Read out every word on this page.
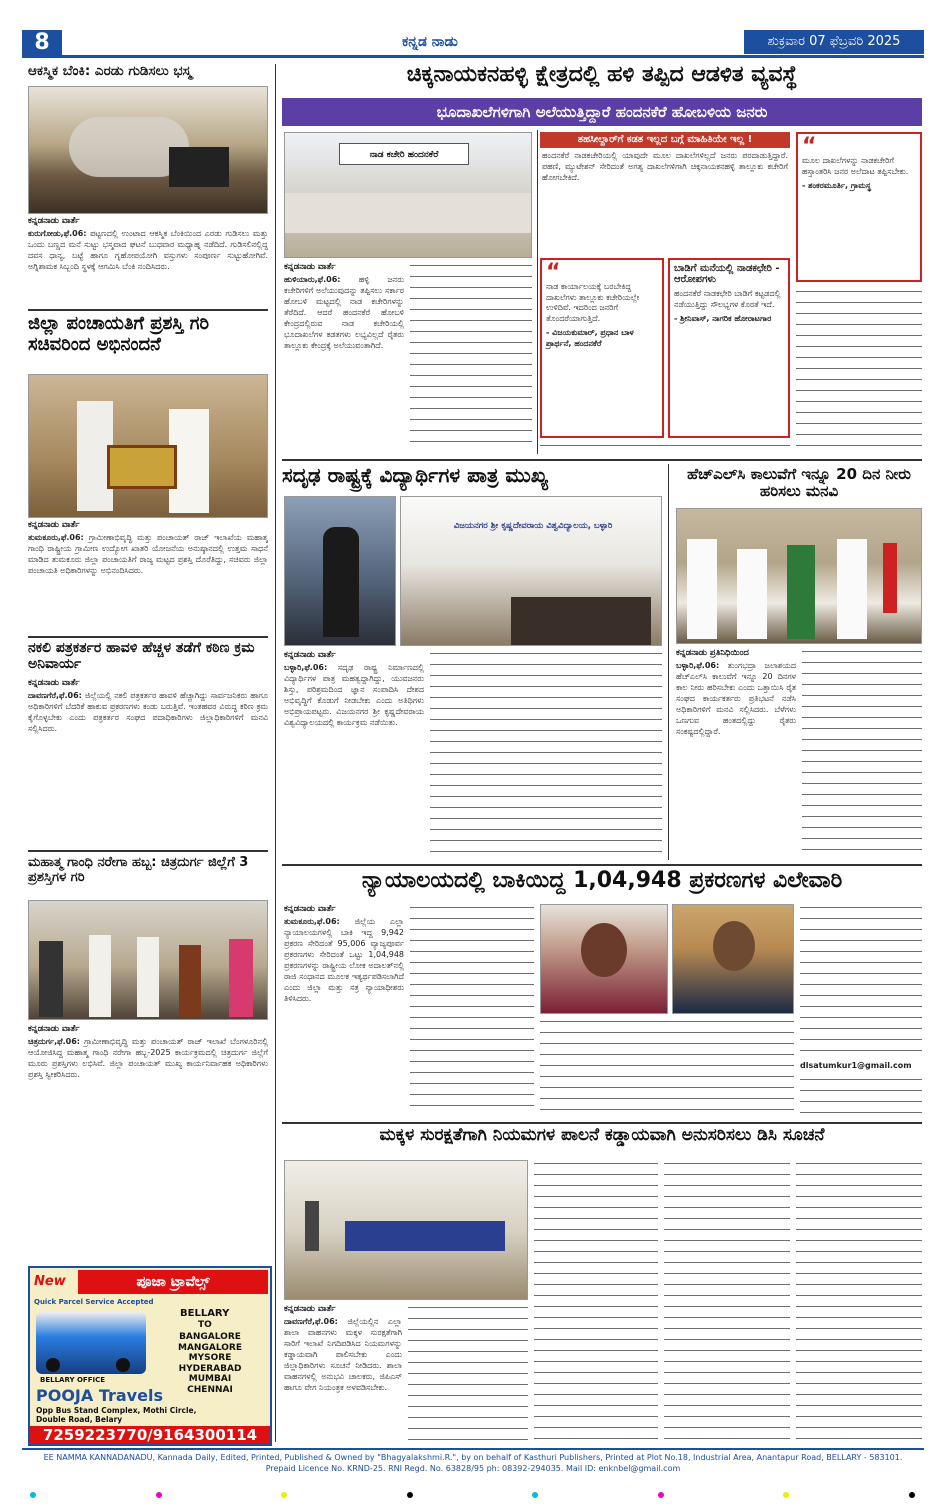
8	ಕನ್ನಡ ನಾಡು	ಶುಕ್ರವಾರ 07 ಫೆಬ್ರವರಿ 2025
ಆಕಸ್ಮಿಕ ಬೆಂಕಿ: ಎರಡು ಗುಡಿಸಲು ಭಸ್ಮ
ಕನ್ನಡನಾಡು ವಾರ್ತೆ
ಕುರುಗೋಡು,ಫೆ.06: ಪಟ್ಟಣದಲ್ಲಿ ಉಂಟಾದ ಆಕಸ್ಮಿಕ ಬೆಂಕಿಯಿಂದ ಎರಡು ಗುಡಿಸಲು ಮತ್ತು ಒಂದು ಬಣ್ಣದ ಮನೆ ಸುಟ್ಟು ಭಸ್ಮವಾದ ಘಟನೆ ಬುಧವಾರ ಮಧ್ಯಾಹ್ನ ನಡೆದಿದೆ. ಗುಡಿಸಲಿನಲ್ಲಿದ್ದ ದವಸ ಧಾನ್ಯ, ಬಟ್ಟೆ ಹಾಗೂ ಗೃಹೋಪಯೋಗಿ ವಸ್ತುಗಳು ಸಂಪೂರ್ಣ ಸುಟ್ಟುಹೋಗಿವೆ. ಅಗ್ನಿಶಾಮಕ ಸಿಬ್ಬಂದಿ ಸ್ಥಳಕ್ಕೆ ಆಗಮಿಸಿ ಬೆಂಕಿ ನಂದಿಸಿದರು.
ಜಿಲ್ಲಾ ಪಂಚಾಯತಿಗೆ ಪ್ರಶಸ್ತಿ ಗರಿ ಸಚಿವರಿಂದ ಅಭಿನಂದನೆ
ಕನ್ನಡನಾಡು ವಾರ್ತೆ
ತುಮಕೂರು,ಫೆ.06: ಗ್ರಾಮೀಣಾಭಿವೃದ್ಧಿ ಮತ್ತು ಪಂಚಾಯತ್ ರಾಜ್ ಇಲಾಖೆಯ ಮಹಾತ್ಮ ಗಾಂಧಿ ರಾಷ್ಟ್ರೀಯ ಗ್ರಾಮೀಣ ಉದ್ಯೋಗ ಖಾತರಿ ಯೋಜನೆಯ ಅನುಷ್ಠಾನದಲ್ಲಿ ಉತ್ತಮ ಸಾಧನೆ ಮಾಡಿದ ತುಮಕೂರು ಜಿಲ್ಲಾ ಪಂಚಾಯತಿಗೆ ರಾಜ್ಯ ಮಟ್ಟದ ಪ್ರಶಸ್ತಿ ದೊರೆತಿದ್ದು, ಸಚಿವರು ಜಿಲ್ಲಾ ಪಂಚಾಯತಿ ಅಧಿಕಾರಿಗಳನ್ನು ಅಭಿನಂದಿಸಿದರು.
ನಕಲಿ ಪತ್ರಕರ್ತರ ಹಾವಳಿ ಹೆಚ್ಚಳ ತಡೆಗೆ ಕಠಿಣ ಕ್ರಮ ಅನಿವಾರ್ಯ
ಕನ್ನಡನಾಡು ವಾರ್ತೆ
ದಾವಣಗೆರೆ,ಫೆ.06: ಜಿಲ್ಲೆಯಲ್ಲಿ ನಕಲಿ ಪತ್ರಕರ್ತರ ಹಾವಳಿ ಹೆಚ್ಚಾಗಿದ್ದು ಸಾರ್ವಜನಿಕರು ಹಾಗೂ ಅಧಿಕಾರಿಗಳಿಗೆ ಬೆದರಿಕೆ ಹಾಕುವ ಪ್ರಕರಣಗಳು ಕಂಡು ಬರುತ್ತಿವೆ. ಇಂತಹವರ ವಿರುದ್ಧ ಕಠಿಣ ಕ್ರಮ ಕೈಗೊಳ್ಳಬೇಕು ಎಂದು ಪತ್ರಕರ್ತರ ಸಂಘದ ಪದಾಧಿಕಾರಿಗಳು ಜಿಲ್ಲಾಧಿಕಾರಿಗಳಿಗೆ ಮನವಿ ಸಲ್ಲಿಸಿದರು.
ಮಹಾತ್ಮ ಗಾಂಧಿ ನರೇಗಾ ಹಬ್ಬ: ಚಿತ್ರದುರ್ಗ ಜಿಲ್ಲೆಗೆ 3 ಪ್ರಶಸ್ತಿಗಳ ಗರಿ
ಕನ್ನಡನಾಡು ವಾರ್ತೆ
ಚಿತ್ರದುರ್ಗ,ಫೆ.06: ಗ್ರಾಮೀಣಾಭಿವೃದ್ಧಿ ಮತ್ತು ಪಂಚಾಯತ್ ರಾಜ್ ಇಲಾಖೆ ಬೆಂಗಳೂರಿನಲ್ಲಿ ಆಯೋಜಿಸಿದ್ದ ಮಹಾತ್ಮ ಗಾಂಧಿ ನರೇಗಾ ಹಬ್ಬ-2025 ಕಾರ್ಯಕ್ರಮದಲ್ಲಿ ಚಿತ್ರದುರ್ಗ ಜಿಲ್ಲೆಗೆ ಮೂರು ಪ್ರಶಸ್ತಿಗಳು ಲಭಿಸಿವೆ. ಜಿಲ್ಲಾ ಪಂಚಾಯತ್ ಮುಖ್ಯ ಕಾರ್ಯನಿರ್ವಾಹಕ ಅಧಿಕಾರಿಗಳು ಪ್ರಶಸ್ತಿ ಸ್ವೀಕರಿಸಿದರು.
New	ಪೂಜಾ ಟ್ರಾವೆಲ್ಸ್
Quick Parcel Service Accepted
BELLARY
TO
BANGALORE
MANGALORE
MYSORE
HYDERABAD
MUMBAI
CHENNAI
BELLARY OFFICE
POOJA Travels
Opp Bus Stand Complex, Mothi Circle,
Double Road, Belary
7259223770/9164300114
ಚಿಕ್ಕನಾಯಕನಹಳ್ಳಿ ಕ್ಷೇತ್ರದಲ್ಲಿ ಹಳಿ ತಪ್ಪಿದ ಆಡಳಿತ ವ್ಯವಸ್ಥೆ
ಭೂದಾಖಲೆಗಳಿಗಾಗಿ ಅಲೆಯುತ್ತಿದ್ದಾರೆ ಹಂದನಕೆರೆ ಹೋಬಳಿಯ ಜನರು
ನಾಡ ಕಚೇರಿ ಹಂದನಕೆರೆ
ಕನ್ನಡನಾಡು ವಾರ್ತೆ
ಹುಳಿಯಾರು,ಫೆ.06: ಹಳ್ಳಿ ಜನರು ಕಚೇರಿಗಳಿಗೆ ಅಲೆಯುವುದನ್ನು ತಪ್ಪಿಸಲು ಸರ್ಕಾರ ಹೋಬಳಿ ಮಟ್ಟದಲ್ಲಿ ನಾಡ ಕಚೇರಿಗಳನ್ನು ತೆರೆದಿದೆ. ಆದರೆ ಹಂದನಕೆರೆ ಹೋಬಳಿ ಕೇಂದ್ರದಲ್ಲಿರುವ ನಾಡ ಕಚೇರಿಯಲ್ಲಿ ಭೂದಾಖಲೆಗಳ ಕಡತಗಳು ಲಭ್ಯವಿಲ್ಲದೆ ರೈತರು ತಾಲ್ಲೂಕು ಕೇಂದ್ರಕ್ಕೆ ಅಲೆಯುವಂತಾಗಿದೆ.
ತಹಸೀಲ್ದಾರ್‌ಗೆ ಕಡತ ಇಲ್ಲದ ಬಗ್ಗೆ ಮಾಹಿತಿಯೇ ಇಲ್ಲ !
ಹಂದನಕೆರೆ ನಾಡಕಚೇರಿಯಲ್ಲಿ ಯಾವುದೇ ಮೂಲ ದಾಖಲೆಗಳಿಲ್ಲದೆ ಜನರು ಪರದಾಡುತ್ತಿದ್ದಾರೆ. ಪಹಣಿ, ಮ್ಯುಟೇಶನ್ ಸೇರಿದಂತೆ ಅಗತ್ಯ ದಾಖಲೆಗಳಿಗಾಗಿ ಚಿಕ್ಕನಾಯಕನಹಳ್ಳಿ ತಾಲ್ಲೂಕು ಕಚೇರಿಗೆ ಹೋಗಬೇಕಿದೆ.
“
ನಾಡ ಕಾರ್ಯಾಲಯಕ್ಕೆ ಬರಬೇಕಿದ್ದ ದಾಖಲೆಗಳು ತಾಲ್ಲೂಕು ಕಚೇರಿಯಲ್ಲೇ ಉಳಿದಿವೆ. ಇದರಿಂದ ಜನರಿಗೆ ತೊಂದರೆಯಾಗುತ್ತಿದೆ.
- ವಿಜಯಕುಮಾರ್, ಪ್ರಧಾನ ಬಾಳ ಪ್ರಾರ್ಥನೆ, ಹಂದನಕೆರೆ
ಬಾಡಿಗೆ ಮನೆಯಲ್ಲಿ ನಾಡಕಛೇರಿ - ಆರೋಪಗಳು
ಹಂದನಕೆರೆ ನಾಡಕಛೇರಿ ಬಾಡಿಗೆ ಕಟ್ಟಡದಲ್ಲಿ ನಡೆಯುತ್ತಿದ್ದು ಸೌಲಭ್ಯಗಳ ಕೊರತೆ ಇದೆ.
- ಶ್ರೀನಿವಾಸ್, ನಾಗರಿಕ ಹೋರಾಟಗಾರ
“
ಮೂಲ ದಾಖಲೆಗಳನ್ನು ನಾಡಕಚೇರಿಗೆ ಹಸ್ತಾಂತರಿಸಿ ಜನರ ಅಲೆದಾಟ ತಪ್ಪಿಸಬೇಕು.
- ಶಂಕರಮೂರ್ತಿ, ಗ್ರಾಮಸ್ಥ
ಸದೃಢ ರಾಷ್ಟ್ರಕ್ಕೆ ವಿದ್ಯಾರ್ಥಿಗಳ ಪಾತ್ರ ಮುಖ್ಯ
ವಿಜಯನಗರ ಶ್ರೀ ಕೃಷ್ಣದೇವರಾಯ ವಿಶ್ವವಿದ್ಯಾಲಯ, ಬಳ್ಳಾರಿ
ಕನ್ನಡನಾಡು ವಾರ್ತೆ
ಬಳ್ಳಾರಿ,ಫೆ.06: ಸದೃಢ ರಾಷ್ಟ್ರ ನಿರ್ಮಾಣದಲ್ಲಿ ವಿದ್ಯಾರ್ಥಿಗಳ ಪಾತ್ರ ಮಹತ್ವದ್ದಾಗಿದ್ದು, ಯುವಜನರು ಶಿಸ್ತು, ಪರಿಶ್ರಮದಿಂದ ಜ್ಞಾನ ಸಂಪಾದಿಸಿ ದೇಶದ ಅಭಿವೃದ್ಧಿಗೆ ಕೊಡುಗೆ ನೀಡಬೇಕು ಎಂದು ಅತಿಥಿಗಳು ಅಭಿಪ್ರಾಯಪಟ್ಟರು. ವಿಜಯನಗರ ಶ್ರೀ ಕೃಷ್ಣದೇವರಾಯ ವಿಶ್ವವಿದ್ಯಾಲಯದಲ್ಲಿ ಕಾರ್ಯಕ್ರಮ ನಡೆಯಿತು.
ಹೆಚ್‌ಎಲ್‌ಸಿ ಕಾಲುವೆಗೆ ಇನ್ನೂ 20 ದಿನ ನೀರು ಹರಿಸಲು ಮನವಿ
ಕನ್ನಡನಾಡು ಪ್ರತಿನಿಧಿಯಿಂದ
ಬಳ್ಳಾರಿ,ಫೆ.06: ತುಂಗಭದ್ರಾ ಜಲಾಶಯದ ಹೆಚ್‌ಎಲ್‌ಸಿ ಕಾಲುವೆಗೆ ಇನ್ನೂ 20 ದಿನಗಳ ಕಾಲ ನೀರು ಹರಿಸಬೇಕು ಎಂದು ಒತ್ತಾಯಿಸಿ ರೈತ ಸಂಘದ ಕಾರ್ಯಕರ್ತರು ಪ್ರತಿಭಟನೆ ನಡೆಸಿ ಅಧಿಕಾರಿಗಳಿಗೆ ಮನವಿ ಸಲ್ಲಿಸಿದರು. ಬೆಳೆಗಳು ಒಣಗುವ ಹಂತದಲ್ಲಿದ್ದು ರೈತರು ಸಂಕಷ್ಟದಲ್ಲಿದ್ದಾರೆ.
ನ್ಯಾಯಾಲಯದಲ್ಲಿ ಬಾಕಿಯಿದ್ದ 1,04,948 ಪ್ರಕರಣಗಳ ವಿಲೇವಾರಿ
ಕನ್ನಡನಾಡು ವಾರ್ತೆ
ತುಮಕೂರು,ಫೆ.06: ಜಿಲ್ಲೆಯ ಎಲ್ಲಾ ನ್ಯಾಯಾಲಯಗಳಲ್ಲಿ ಬಾಕಿ ಇದ್ದ 9,942 ಪ್ರಕರಣ ಸೇರಿದಂತೆ 95,006 ವ್ಯಾಜ್ಯಪೂರ್ವ ಪ್ರಕರಣಗಳು ಸೇರಿದಂತೆ ಒಟ್ಟು 1,04,948 ಪ್ರಕರಣಗಳನ್ನು ರಾಷ್ಟ್ರೀಯ ಲೋಕ ಅದಾಲತ್‌ನಲ್ಲಿ ರಾಜಿ ಸಂಧಾನದ ಮೂಲಕ ಇತ್ಯರ್ಥಪಡಿಸಲಾಗಿದೆ ಎಂದು ಜಿಲ್ಲಾ ಮತ್ತು ಸತ್ರ ನ್ಯಾಯಾಧೀಶರು ತಿಳಿಸಿದರು.
dlsatumkur1@gmail.com
ಮಕ್ಕಳ ಸುರಕ್ಷತೆಗಾಗಿ ನಿಯಮಗಳ ಪಾಲನೆ ಕಡ್ಡಾಯವಾಗಿ ಅನುಸರಿಸಲು ಡಿಸಿ ಸೂಚನೆ
ಕನ್ನಡನಾಡು ವಾರ್ತೆ
ದಾವಣಗೆರೆ,ಫೆ.06: ಜಿಲ್ಲೆಯಲ್ಲಿನ ಎಲ್ಲಾ ಶಾಲಾ ವಾಹನಗಳು ಮಕ್ಕಳ ಸುರಕ್ಷತೆಗಾಗಿ ಸಾರಿಗೆ ಇಲಾಖೆ ನಿಗದಿಪಡಿಸಿದ ನಿಯಮಗಳನ್ನು ಕಡ್ಡಾಯವಾಗಿ ಪಾಲಿಸಬೇಕು ಎಂದು ಜಿಲ್ಲಾಧಿಕಾರಿಗಳು ಸೂಚನೆ ನೀಡಿದರು. ಶಾಲಾ ವಾಹನಗಳಲ್ಲಿ ಅನುಭವಿ ಚಾಲಕರು, ಜಿಪಿಎಸ್ ಹಾಗೂ ವೇಗ ನಿಯಂತ್ರಕ ಅಳವಡಿಸಬೇಕು.
EE NAMMA KANNADANADU, Kannada Daily, Edited, Printed, Published & Owned by "Bhagyalakshmi.R.", by on behalf of Kasthuri Publishers, Printed at Plot No.18, Industrial Area, Anantapur Road, BELLARY - 583101.
Prepaid Licence No. KRND-25. RNI Regd. No. 63828/95 ph: 08392-294035. Mail ID: enknbel@gmail.com
